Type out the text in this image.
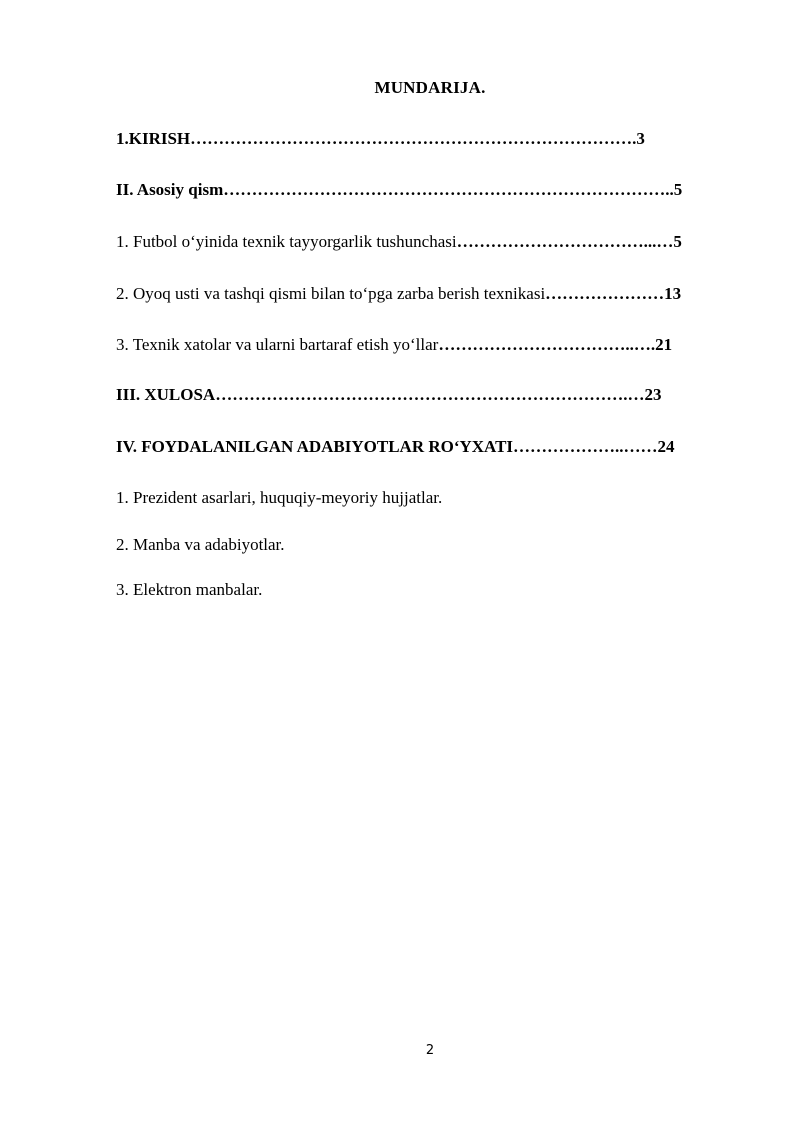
MUNDARIJA.
1.KIRISH…………………………………………………………………….3
II. Asosiy qism……………………………………………………………………..5
1. Futbol o‘yinida texnik tayyorgarlik tushunchasi……………………………...…5
2. Oyoq usti va tashqi qismi bilan to‘pga zarba berish texnikasi…………………13
3. Texnik xatolar va ularni bartaraf etish yo‘llar……………………………..….21
III. XULOSA……………………………………………………………….…23
IV. FOYDALANILGAN ADABIYOTLAR RO‘YXATI………………..……24
1. Prezident asarlari, huquqiy-meyoriy hujjatlar.
2. Manba va adabiyotlar.
3. Elektron manbalar.
2
